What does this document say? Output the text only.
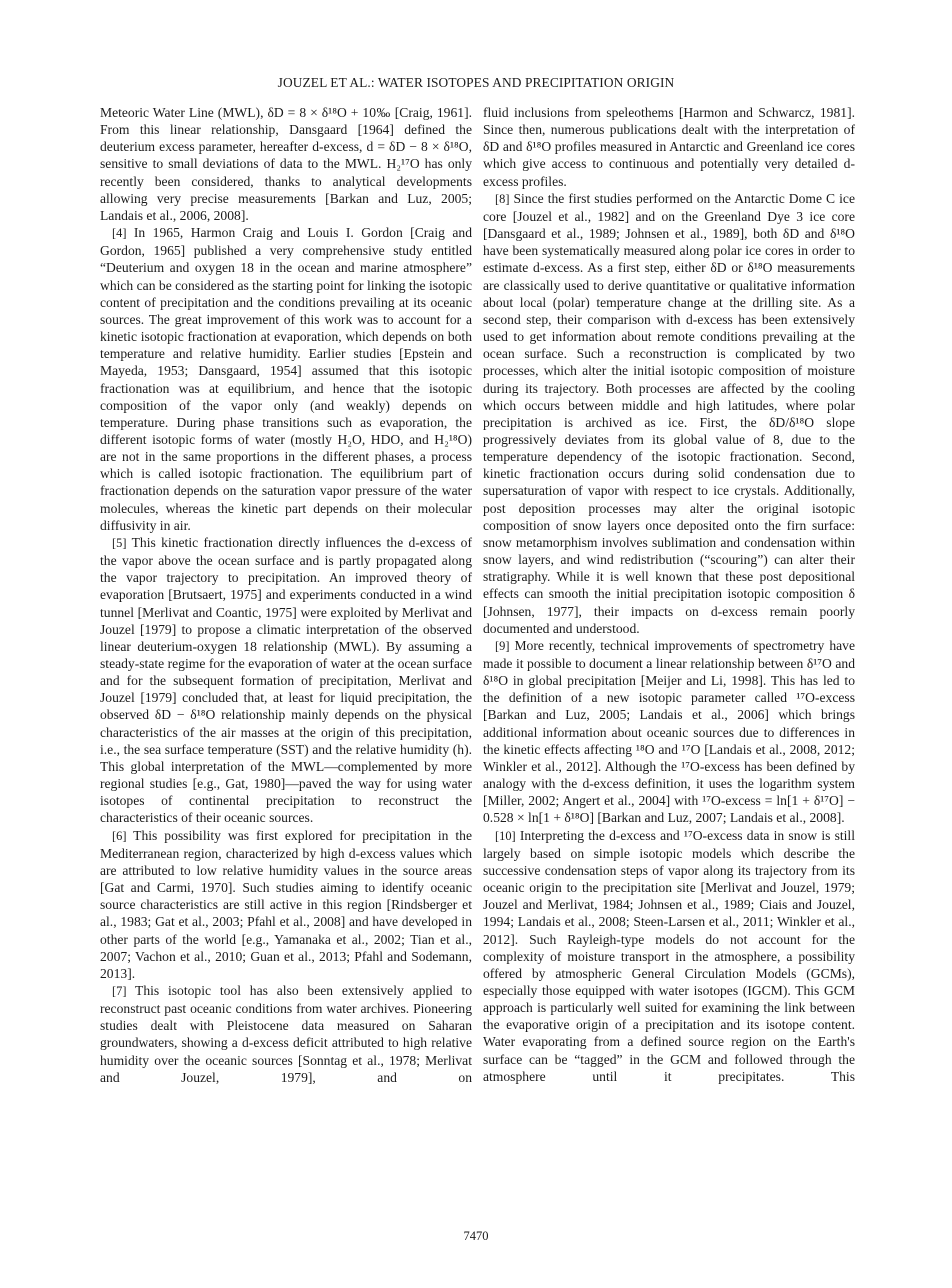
JOUZEL ET AL.: WATER ISOTOPES AND PRECIPITATION ORIGIN

Meteoric Water Line (MWL), δD = 8 × δ¹⁸O + 10‰ [Craig, 1961]. From this linear relationship, Dansgaard [1964] defined the deuterium excess parameter, hereafter d-excess, d = δD − 8 × δ¹⁸O, sensitive to small deviations of data to the MWL. H₂¹⁷O has only recently been considered, thanks to analytical developments allowing very precise measurements [Barkan and Luz, 2005; Landais et al., 2006, 2008].

[4] In 1965, Harmon Craig and Louis I. Gordon [Craig and Gordon, 1965] published a very comprehensive study entitled “Deuterium and oxygen 18 in the ocean and marine atmosphere” which can be considered as the starting point for linking the isotopic content of precipitation and the conditions prevailing at its oceanic sources. The great improvement of this work was to account for a kinetic isotopic fractionation at evaporation, which depends on both temperature and relative humidity. Earlier studies [Epstein and Mayeda, 1953; Dansgaard, 1954] assumed that this isotopic fractionation was at equilibrium, and hence that the isotopic composition of the vapor only (and weakly) depends on temperature. During phase transitions such as evaporation, the different isotopic forms of water (mostly H₂O, HDO, and H₂¹⁸O) are not in the same proportions in the different phases, a process which is called isotopic fractionation. The equilibrium part of fractionation depends on the saturation vapor pressure of the water molecules, whereas the kinetic part depends on their molecular diffusivity in air.

[5] This kinetic fractionation directly influences the d-excess of the vapor above the ocean surface and is partly propagated along the vapor trajectory to precipitation. An improved theory of evaporation [Brutsaert, 1975] and experiments conducted in a wind tunnel [Merlivat and Coantic, 1975] were exploited by Merlivat and Jouzel [1979] to propose a climatic interpretation of the observed linear deuterium-oxygen 18 relationship (MWL). By assuming a steady-state regime for the evaporation of water at the ocean surface and for the subsequent formation of precipitation, Merlivat and Jouzel [1979] concluded that, at least for liquid precipitation, the observed δD − δ¹⁸O relationship mainly depends on the physical characteristics of the air masses at the origin of this precipitation, i.e., the sea surface temperature (SST) and the relative humidity (h). This global interpretation of the MWL—complemented by more regional studies [e.g., Gat, 1980]—paved the way for using water isotopes of continental precipitation to reconstruct the characteristics of their oceanic sources.

[6] This possibility was first explored for precipitation in the Mediterranean region, characterized by high d-excess values which are attributed to low relative humidity values in the source areas [Gat and Carmi, 1970]. Such studies aiming to identify oceanic source characteristics are still active in this region [Rindsberger et al., 1983; Gat et al., 2003; Pfahl et al., 2008] and have developed in other parts of the world [e.g., Yamanaka et al., 2002; Tian et al., 2007; Vachon et al., 2010; Guan et al., 2013; Pfahl and Sodemann, 2013].

[7] This isotopic tool has also been extensively applied to reconstruct past oceanic conditions from water archives. Pioneering studies dealt with Pleistocene data measured on Saharan groundwaters, showing a d-excess deficit attributed to high relative humidity over the oceanic sources [Sonntag et al., 1978; Merlivat and Jouzel, 1979], and on

fluid inclusions from speleothems [Harmon and Schwarcz, 1981]. Since then, numerous publications dealt with the interpretation of δD and δ¹⁸O profiles measured in Antarctic and Greenland ice cores which give access to continuous and potentially very detailed d-excess profiles.

[8] Since the first studies performed on the Antarctic Dome C ice core [Jouzel et al., 1982] and on the Greenland Dye 3 ice core [Dansgaard et al., 1989; Johnsen et al., 1989], both δD and δ¹⁸O have been systematically measured along polar ice cores in order to estimate d-excess. As a first step, either δD or δ¹⁸O measurements are classically used to derive quantitative or qualitative information about local (polar) temperature change at the drilling site. As a second step, their comparison with d-excess has been extensively used to get information about remote conditions prevailing at the ocean surface. Such a reconstruction is complicated by two processes, which alter the initial isotopic composition of moisture during its trajectory. Both processes are affected by the cooling which occurs between middle and high latitudes, where polar precipitation is archived as ice. First, the δD/δ¹⁸O slope progressively deviates from its global value of 8, due to the temperature dependency of the isotopic fractionation. Second, kinetic fractionation occurs during solid condensation due to supersaturation of vapor with respect to ice crystals. Additionally, post deposition processes may alter the original isotopic composition of snow layers once deposited onto the firn surface: snow metamorphism involves sublimation and condensation within snow layers, and wind redistribution (“scouring”) can alter their stratigraphy. While it is well known that these post depositional effects can smooth the initial precipitation isotopic composition δ [Johnsen, 1977], their impacts on d-excess remain poorly documented and understood.

[9] More recently, technical improvements of spectrometry have made it possible to document a linear relationship between δ¹⁷O and δ¹⁸O in global precipitation [Meijer and Li, 1998]. This has led to the definition of a new isotopic parameter called ¹⁷O-excess [Barkan and Luz, 2005; Landais et al., 2006] which brings additional information about oceanic sources due to differences in the kinetic effects affecting ¹⁸O and ¹⁷O [Landais et al., 2008, 2012; Winkler et al., 2012]. Although the ¹⁷O-excess has been defined by analogy with the d-excess definition, it uses the logarithm system [Miller, 2002; Angert et al., 2004] with ¹⁷O-excess = ln[1 + δ¹⁷O] − 0.528 × ln[1 + δ¹⁸O] [Barkan and Luz, 2007; Landais et al., 2008].

[10] Interpreting the d-excess and ¹⁷O-excess data in snow is still largely based on simple isotopic models which describe the successive condensation steps of vapor along its trajectory from its oceanic origin to the precipitation site [Merlivat and Jouzel, 1979; Jouzel and Merlivat, 1984; Johnsen et al., 1989; Ciais and Jouzel, 1994; Landais et al., 2008; Steen-Larsen et al., 2011; Winkler et al., 2012]. Such Rayleigh-type models do not account for the complexity of moisture transport in the atmosphere, a possibility offered by atmospheric General Circulation Models (GCMs), especially those equipped with water isotopes (IGCM). This GCM approach is particularly well suited for examining the link between the evaporative origin of a precipitation and its isotope content. Water evaporating from a defined source region on the Earth's surface can be “tagged” in the GCM and followed through the atmosphere until it precipitates. This

7470
